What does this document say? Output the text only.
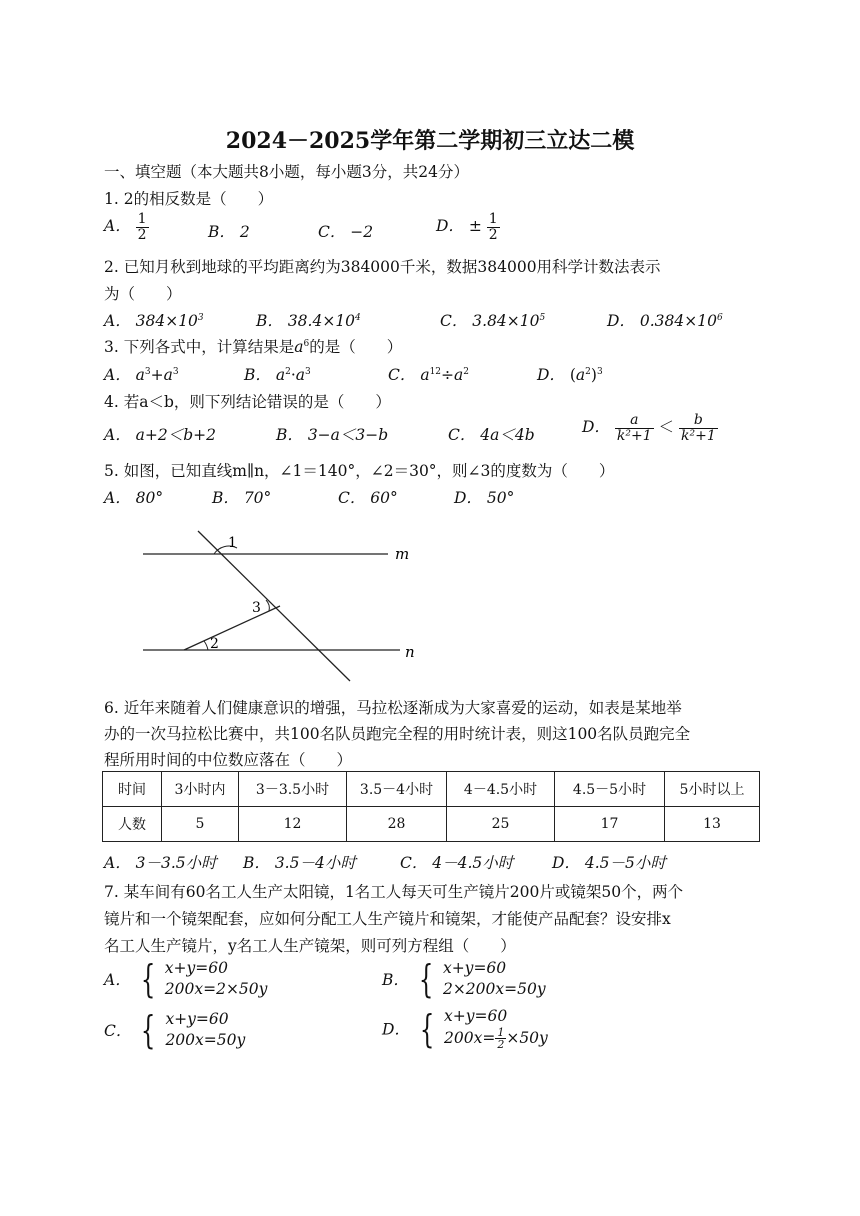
2024－2025学年第二学期初三立达二模
一、填空题（本大题共8小题，每小题3分，共24分）
1. 2的相反数是（　　）
A． $\frac{1}{2}$	B． 2	C． −2	D． ± $\frac{1}{2}$
2. 已知月秋到地球的平均距离约为384000千米，数据384000用科学计数法表示
为（　　）
A． $384\times 10^3$	B． $38.4\times 10^4$	C． $3.84\times 10^5$	D． $0.384\times 10^6$
3. 下列各式中，计算结果是$a^6$的是（　　）
A． $a^3+a^3$	B． $a^2\cdot a^3$	C． $a^{12}\div a^2$	D． $(a^2)^3$
4. 若a＜b，则下列结论错误的是（　　）
A． a+2＜b+2	B． 3−a＜3−b	C． 4a＜4b	D． $\frac{a}{\text{k²+1}} < \frac{b}{\text{k²+1}}$
5. 如图，已知直线m∥n，∠1＝140°，∠2＝30°，则∠3的度数为（　　）
A． 80°	B． 70°	C． 60°	D． 50°
1
2
3
m
n
6. 近年来随着人们健康意识的增强，马拉松逐渐成为大家喜爱的运动，如表是某地举
办的一次马拉松比赛中，共100名队员跑完全程的用时统计表，则这100名队员跑完全
程所用时间的中位数应落在（　　）
时间	3小时内	3－3.5小时	3.5－4小时	4－4.5小时	4.5－5小时	5小时以上
人数	5	12	28	25	17	13
A． 3－3.5小时 B． 3.5－4小时	C． 4－4.5小时 D． 4.5－5小时
7. 某车间有60名工人生产太阳镜，1名工人每天可生产镜片200片或镜架50个，两个
镜片和一个镜架配套，应如何分配工人生产镜片和镜架，才能使产品配套？设安排x
名工人生产镜片，y名工人生产镜架，则可列方程组（　　）
A． { x+y=60
200x=2×50y	B． { x+y=60
2×200x=50y
C． { x+y=60
200x=50y
D． { x+y=60
$200x= \frac{1}{2} \times 50y$
